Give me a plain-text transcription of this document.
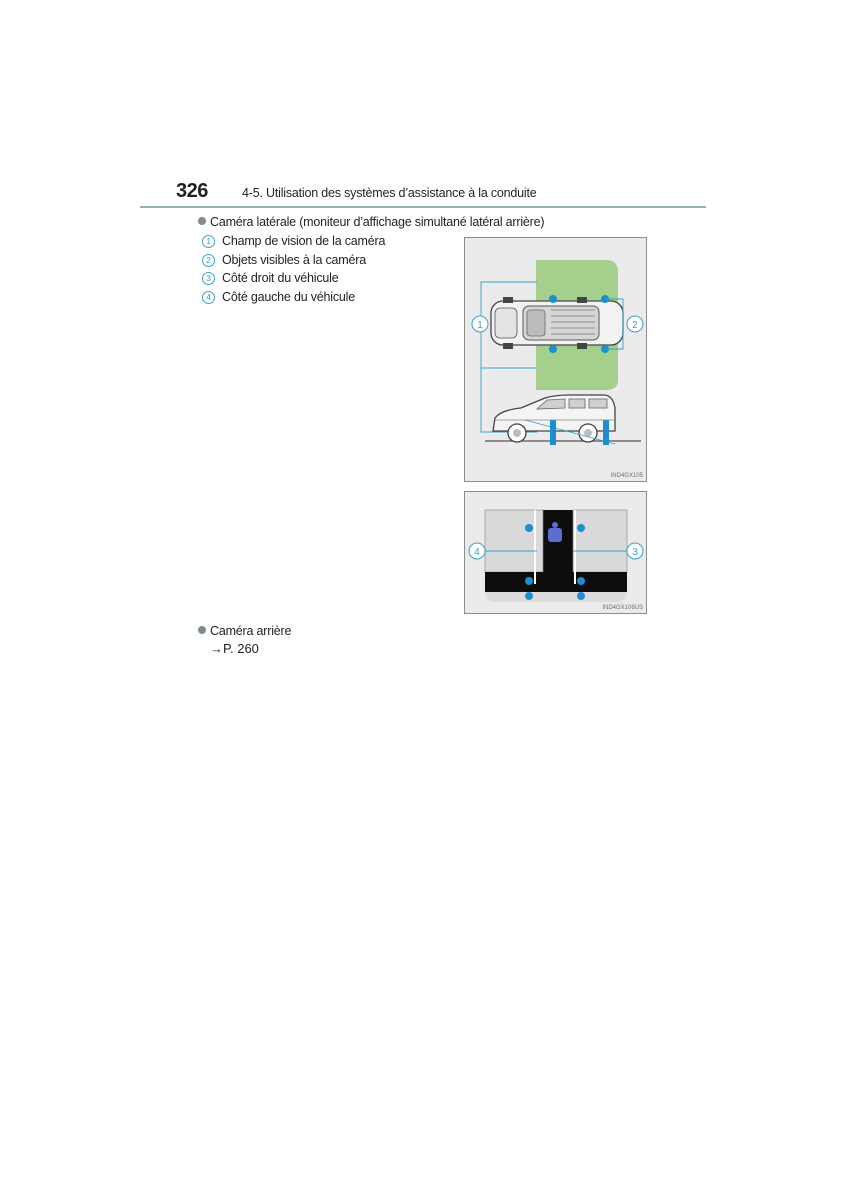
326	4-5. Utilisation des systèmes d’assistance à la conduite
Caméra latérale (moniteur d’affichage simultané latéral arrière)
1 Champ de vision de la caméra
2 Objets visibles à la caméra
3 Côté droit du véhicule
4 Côté gauche du véhicule
1	2
IND4GX105
4	3
IND4GX106US
Caméra arrière
→P. 260
